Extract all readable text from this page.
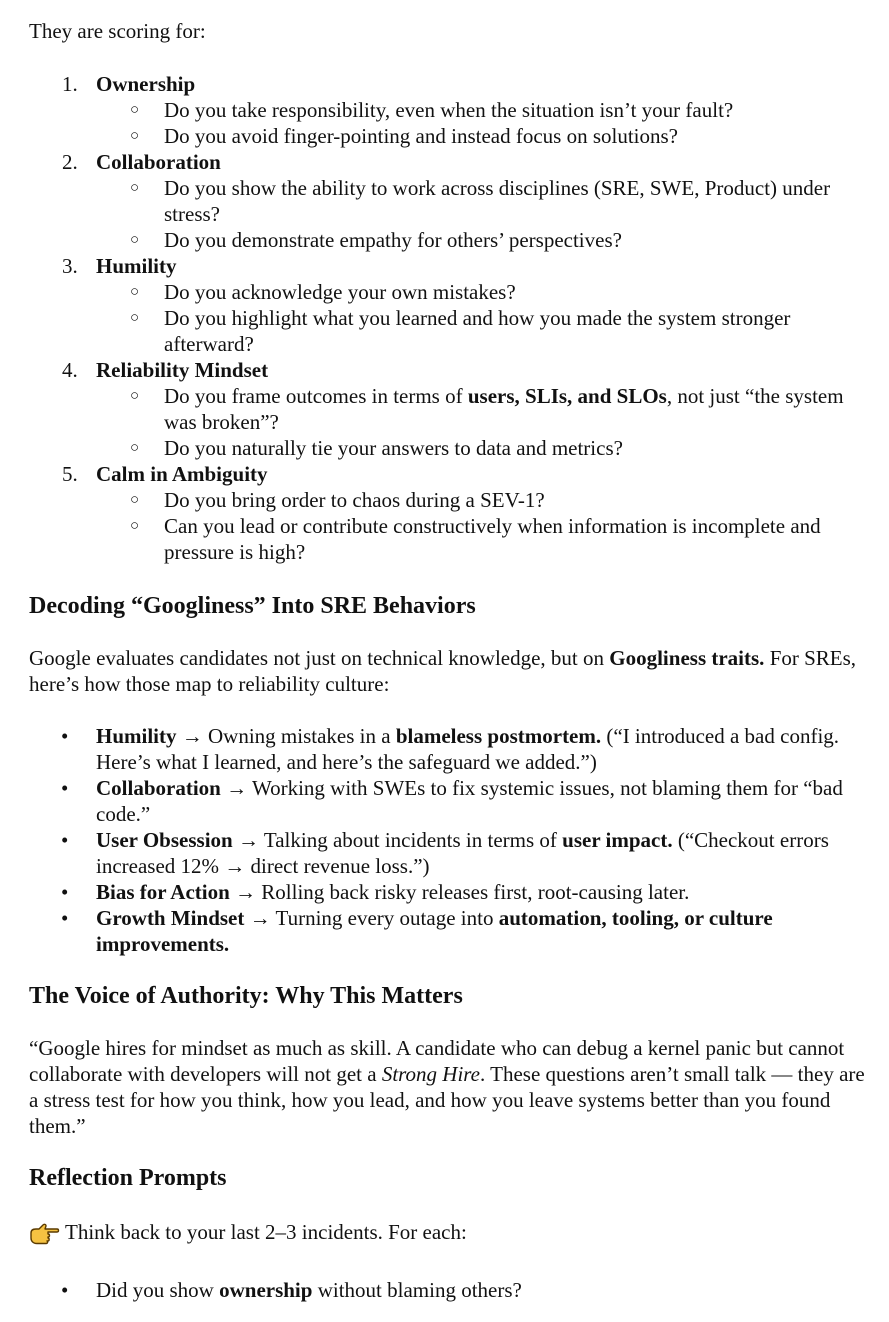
They are scoring for:

1. Ownership
○ Do you take responsibility, even when the situation isn’t your fault?
○ Do you avoid finger-pointing and instead focus on solutions?
2. Collaboration
○ Do you show the ability to work across disciplines (SRE, SWE, Product) under stress?
○ Do you demonstrate empathy for others’ perspectives?
3. Humility
○ Do you acknowledge your own mistakes?
○ Do you highlight what you learned and how you made the system stronger afterward?
4. Reliability Mindset
○ Do you frame outcomes in terms of users, SLIs, and SLOs, not just “the system was broken”?
○ Do you naturally tie your answers to data and metrics?
5. Calm in Ambiguity
○ Do you bring order to chaos during a SEV-1?
○ Can you lead or contribute constructively when information is incomplete and pressure is high?
Decoding “Googliness” Into SRE Behaviors

Google evaluates candidates not just on technical knowledge, but on Googliness traits. For SREs, here’s how those map to reliability culture:

• Humility → Owning mistakes in a blameless postmortem. (“I introduced a bad config. Here’s what I learned, and here’s the safeguard we added.”)
• Collaboration → Working with SWEs to fix systemic issues, not blaming them for “bad code.”
• User Obsession → Talking about incidents in terms of user impact. (“Checkout errors increased 12% → direct revenue loss.”)
• Bias for Action → Rolling back risky releases first, root-causing later.
• Growth Mindset → Turning every outage into automation, tooling, or culture improvements.
The Voice of Authority: Why This Matters

“Google hires for mindset as much as skill. A candidate who can debug a kernel panic but cannot collaborate with developers will not get a Strong Hire. These questions aren’t small talk — they are a stress test for how you think, how you lead, and how you leave systems better than you found them.”

Reflection Prompts
Think back to your last 2–3 incidents. For each:
• Did you show ownership without blaming others?
